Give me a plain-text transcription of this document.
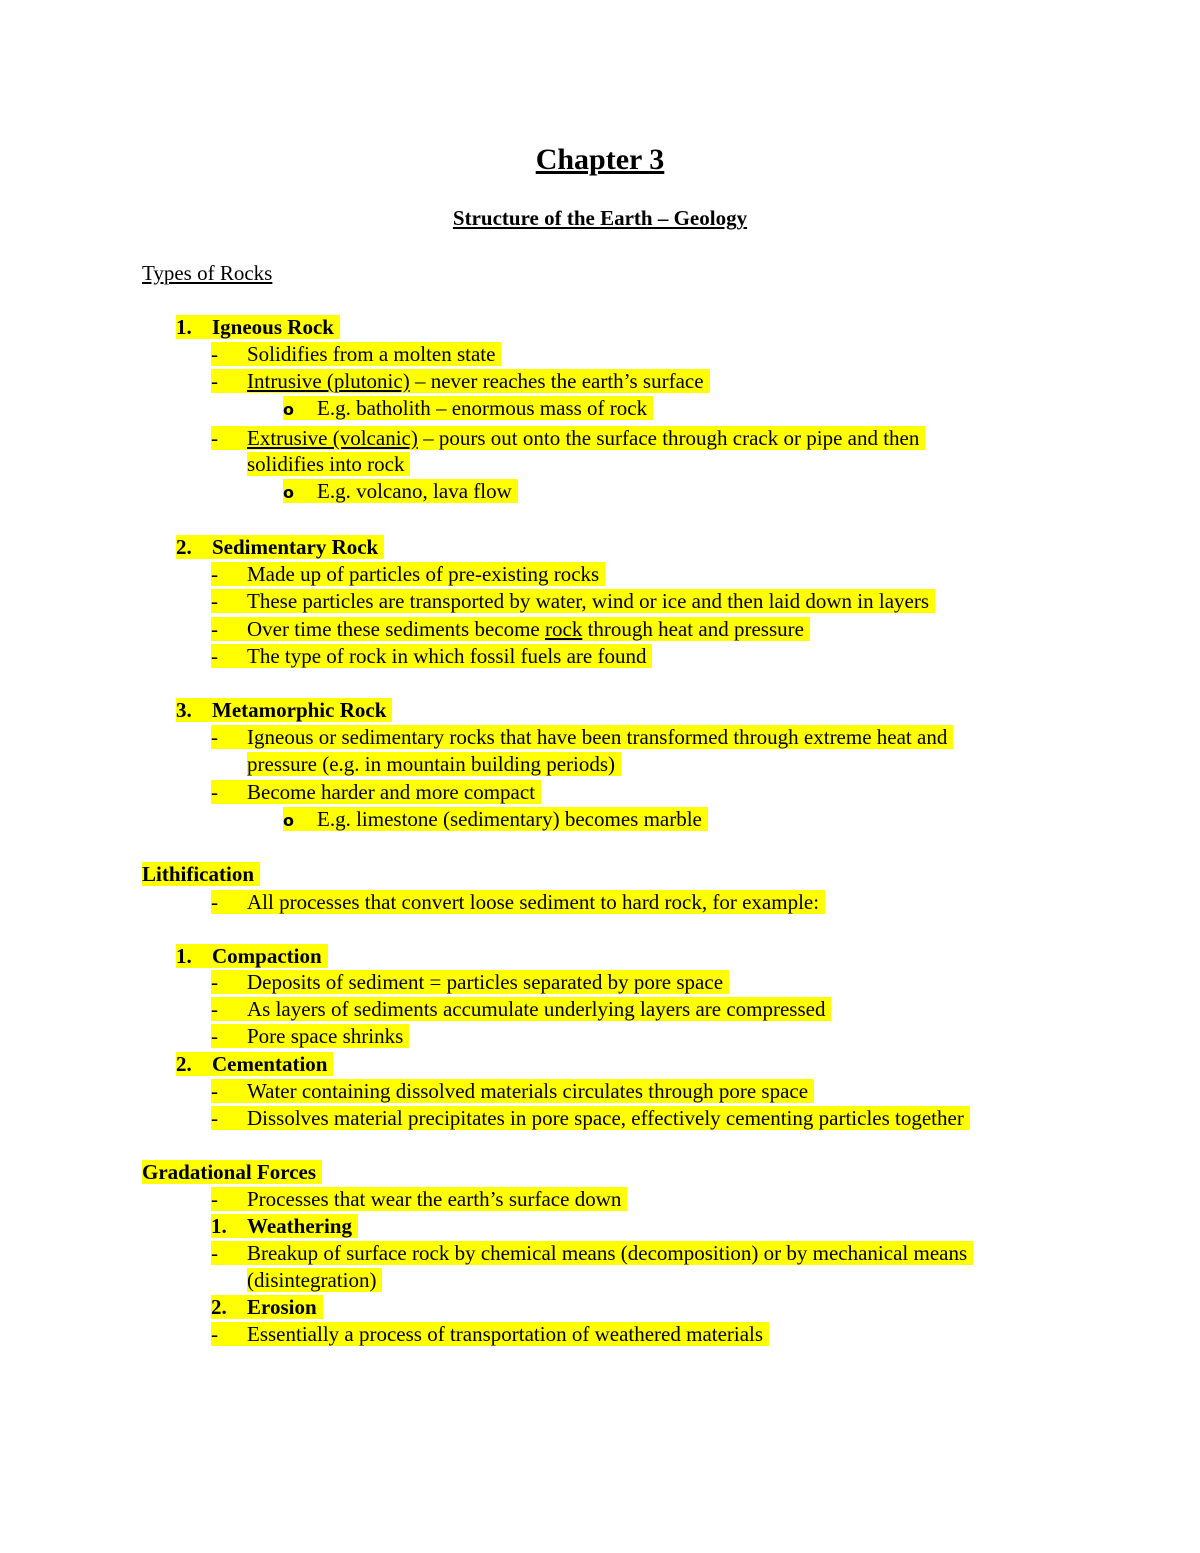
Chapter 3
Structure of the Earth – Geology
Types of Rocks
1. Igneous Rock
- Solidifies from a molten state
- Intrusive (plutonic) – never reaches the earth’s surface
o E.g. batholith – enormous mass of rock
- Extrusive (volcanic) – pours out onto the surface through crack or pipe and then
solidifies into rock
o E.g. volcano, lava flow
2. Sedimentary Rock
- Made up of particles of pre-existing rocks
- These particles are transported by water, wind or ice and then laid down in layers
- Over time these sediments become rock through heat and pressure
- The type of rock in which fossil fuels are found
3. Metamorphic Rock
- Igneous or sedimentary rocks that have been transformed through extreme heat and
pressure (e.g. in mountain building periods)
- Become harder and more compact
o E.g. limestone (sedimentary) becomes marble
Lithification
- All processes that convert loose sediment to hard rock, for example:
1. Compaction
- Deposits of sediment = particles separated by pore space
- As layers of sediments accumulate underlying layers are compressed
- Pore space shrinks
2. Cementation
- Water containing dissolved materials circulates through pore space
- Dissolves material precipitates in pore space, effectively cementing particles together
Gradational Forces
- Processes that wear the earth’s surface down
1. Weathering
- Breakup of surface rock by chemical means (decomposition) or by mechanical means
(disintegration)
2. Erosion
- Essentially a process of transportation of weathered materials
